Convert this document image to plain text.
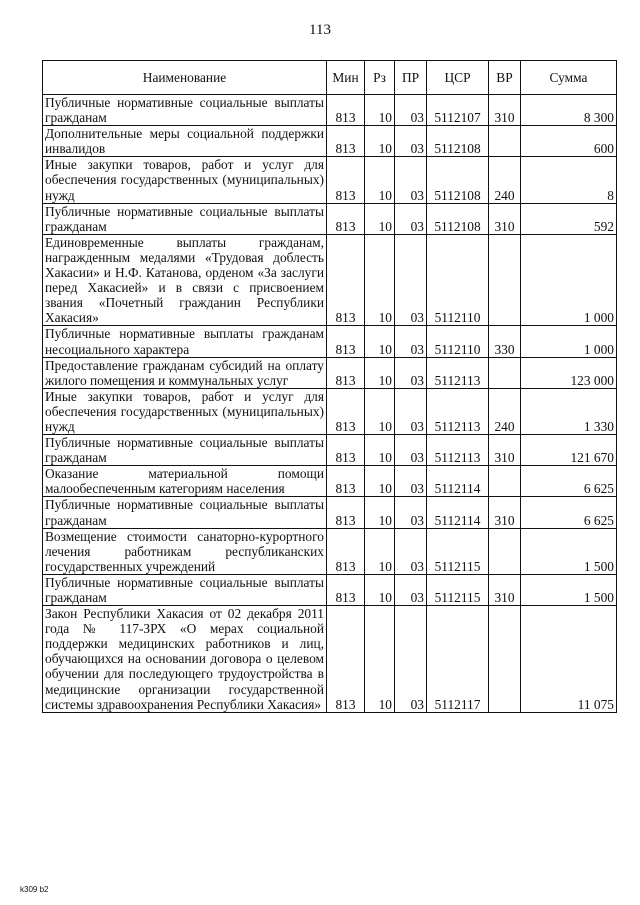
113
Наименование	Мин	Рз	ПР	ЦСР	ВР	Сумма
Публичные нормативные социальные выплаты гражданам	813	10	03	5112107	310	8 300
Дополнительные меры социальной поддержки инвалидов	813	10	03	5112108		600
Иные закупки товаров, работ и услуг для обеспечения государственных (муниципальных) нужд	813	10	03	5112108	240	8
Публичные нормативные социальные выплаты гражданам	813	10	03	5112108	310	592
Единовременные выплаты гражданам, награжденным медалями «Трудовая доблесть Хакасии» и Н.Ф. Катанова, орденом «За заслуги перед Хакасией» и в связи с присвоением звания «Почетный гражданин Республики Хакасия»	813	10	03	5112110		1 000
Публичные нормативные выплаты гражданам несоциального характера	813	10	03	5112110	330	1 000
Предоставление гражданам субсидий на оплату жилого помещения и коммунальных услуг	813	10	03	5112113		123 000
Иные закупки товаров, работ и услуг для обеспечения государственных (муниципальных) нужд	813	10	03	5112113	240	1 330
Публичные нормативные социальные выплаты гражданам	813	10	03	5112113	310	121 670
Оказание материальной помощи малообеспеченным категориям населения	813	10	03	5112114		6 625
Публичные нормативные социальные выплаты гражданам	813	10	03	5112114	310	6 625
Возмещение стоимости санаторно-курортного лечения работникам республиканских государственных учреждений	813	10	03	5112115		1 500
Публичные нормативные социальные выплаты гражданам	813	10	03	5112115	310	1 500
Закон Республики Хакасия от 02 декабря 2011 года № 117-ЗРХ «О мерах социальной поддержки медицинских работников и лиц, обучающихся на основании договора о целевом обучении для последующего трудоустройства в медицинские организации государственной системы здравоохранения Республики Хакасия»	813	10	03	5112117		11 075
k309 b2
